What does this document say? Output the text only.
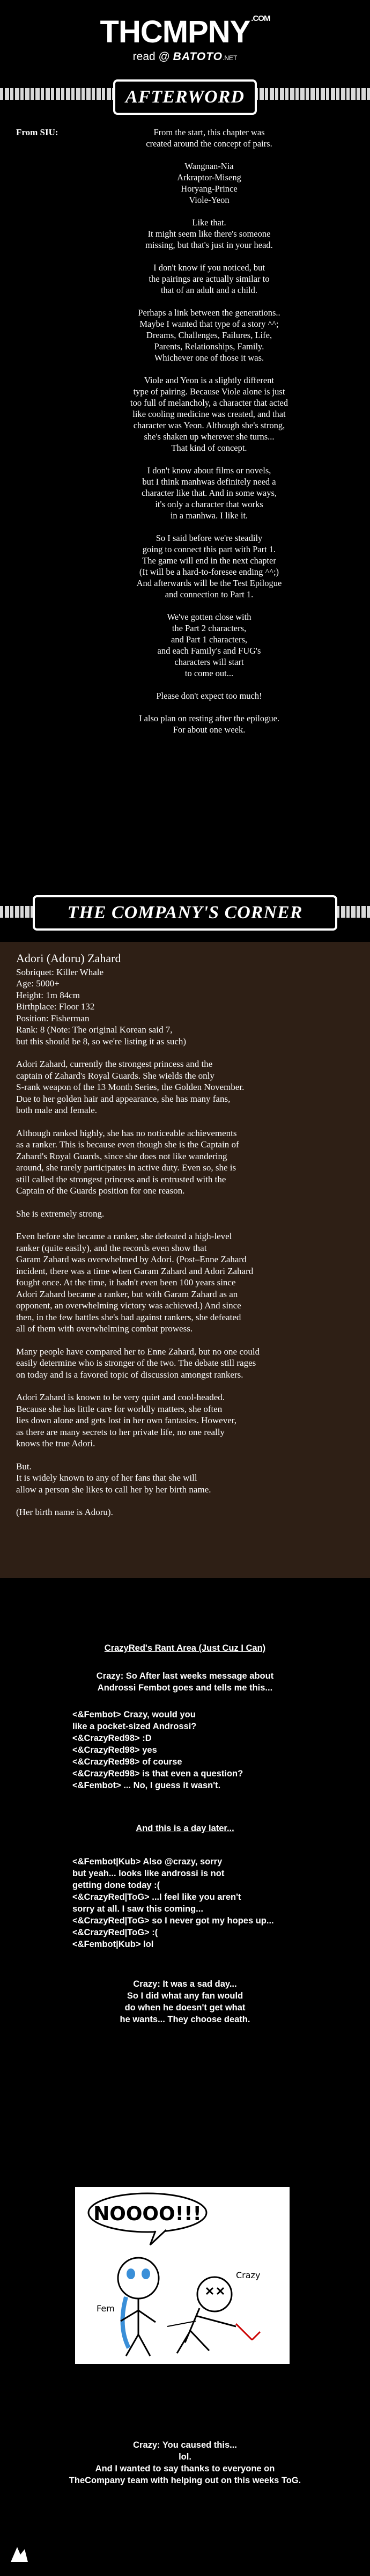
THCMPNY $^{.COM}$
read @ BATOTO.NET
AFTERWORD
From SIU:	From the start, this chapter was
created around the concept of pairs.
Wangnan-Nia
Arkraptor-Miseng
Horyang-Prince
Viole-Yeon
Like that.
It might seem like there's someone
missing, but that's just in your head.
I don't know if you noticed, but
the pairings are actually similar to
that of an adult and a child.
Perhaps a link between the generations..
Maybe I wanted that type of a story ^^;
Dreams, Challenges, Failures, Life,
Parents, Relationships, Family.
Whichever one of those it was.
Viole and Yeon is a slightly different
type of pairing. Because Viole alone is just
too full of melancholy, a character that acted
like cooling medicine was created, and that
character was Yeon. Although she's strong,
she's shaken up wherever she turns...
That kind of concept.
I don't know about films or novels,
but I think manhwas definitely need a
character like that. And in some ways,
it's only a character that works
in a manhwa. I like it.
So I said before we're steadily
going to connect this part with Part 1.
The game will end in the next chapter
(It will be a hard-to-foresee ending ^^;)
And afterwards will be the Test Epilogue
and connection to Part 1.
We've gotten close with
the Part 2 characters,
and Part 1 characters,
and each Family's and FUG's
characters will start
to come out...
Please don't expect too much!
I also plan on resting after the epilogue.
For about one week.
THE COMPANY'S CORNER
Adori (Adoru) Zahard
Sobriquet: Killer Whale
Age: 5000+
Height: 1m 84cm
Birthplace: Floor 132
Position: Fisherman
Rank: 8 (Note: The original Korean said 7,
but this should be 8, so we're listing it as such)
Adori Zahard, currently the strongest princess and the
captain of Zahard's Royal Guards. She wields the only
S-rank weapon of the 13 Month Series, the Golden November.
Due to her golden hair and appearance, she has many fans,
both male and female.
Although ranked highly, she has no noticeable achievements
as a ranker. This is because even though she is the Captain of
Zahard's Royal Guards, since she does not like wandering
around, she rarely participates in active duty. Even so, she is
still called the strongest princess and is entrusted with the
Captain of the Guards position for one reason.
She is extremely strong.
Even before she became a ranker, she defeated a high-level
ranker (quite easily), and the records even show that
Garam Zahard was overwhelmed by Adori. (Post–Enne Zahard
incident, there was a time when Garam Zahard and Adori Zahard
fought once. At the time, it hadn't even been 100 years since
Adori Zahard became a ranker, but with Garam Zahard as an
opponent, an overwhelming victory was achieved.) And since
then, in the few battles she's had against rankers, she defeated
all of them with overwhelming combat prowess.
Many people have compared her to Enne Zahard, but no one could
easily determine who is stronger of the two. The debate still rages
on today and is a favored topic of discussion amongst rankers.
Adori Zahard is known to be very quiet and cool-headed.
Because she has little care for worldly matters, she often
lies down alone and gets lost in her own fantasies. However,
as there are many secrets to her private life, no one really
knows the true Adori.
But.
It is widely known to any of her fans that she will
allow a person she likes to call her by her birth name.
(Her birth name is Adoru).
CrazyRed's Rant Area (Just Cuz I Can)
Crazy: So After last weeks message about
Androssi Fembot goes and tells me this...
<&Fembot> Crazy, would you
like a pocket-sized Androssi?
<&CrazyRed98> :D
<&CrazyRed98> yes
<&CrazyRed98> of course
<&CrazyRed98> is that even a question?
<&Fembot> ... No, I guess it wasn't.
And this is a day later...
<&Fembot|Kub> Also @crazy, sorry
but yeah... looks like androssi is not
getting done today :(
<&CrazyRed|ToG> ...I feel like you aren't
sorry at all. I saw this coming...
<&CrazyRed|ToG> so I never got my hopes up...
<&CrazyRed|ToG> :(
<&Fembot|Kub> lol
Crazy: It was a sad day...
So I did what any fan would
do when he doesn't get what
he wants... They choose death.
NOOOO!!!
Fem
Crazy
Crazy: You caused this...
lol.
And I wanted to say thanks to everyone on
TheCompany team with helping out on this weeks ToG.
